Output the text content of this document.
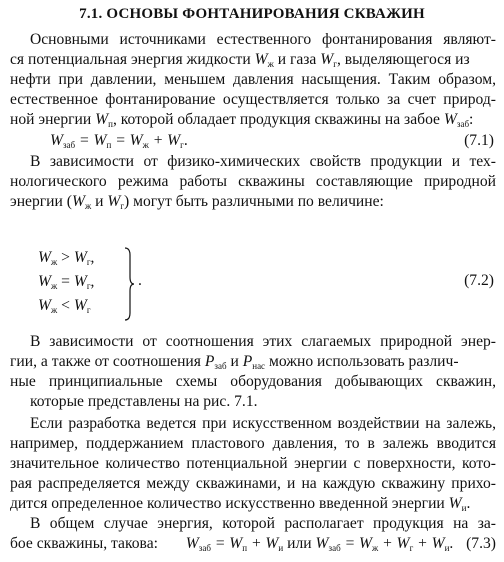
7.1. ОСНОВЫ ФОНТАНИРОВАНИЯ СКВАЖИН
Основными источниками естественного фонтанирования являют-
ся потенциальная энергия жидкости $W_ж$ и газа $W_г$, выделяющегося из
нефти при давлении, меньшем давления насыщения. Таким образом,
естественное фонтанирование осуществляется только за счет природ-
ной энергии $W_п$, которой обладает продукция скважины на забое $W_{заб}$:
$W_{заб} = W_п = W_ж + W_г$.	(7.1)
В зависимости от физико-химических свойств продукции и тех-
нологического режима работы скважины составляющие природной
энергии ($W_ж$ и $W_г$) могут быть различными по величине:
$W_ж > W_г$,
$W_ж = W_г$,
$W_ж < W_г$
.	(7.2)
В зависимости от соотношения этих слагаемых природной энер-
гии, а также от соотношения $P_{заб}$ и $P_{нас}$ можно использовать различ-
ные принципиальные схемы оборудования добывающих скважин,
которые представлены на рис. 7.1.
Если разработка ведется при искусственном воздействии на залежь,
например, поддержанием пластового давления, то в залежь вводится
значительное количество потенциальной энергии с поверхности, кото-
рая распределяется между скважинами, и на каждую скважину прихо-
дится определенное количество искусственно введенной энергии $W_и$.
В общем случае энергия, которой располагает продукция на за-
бое скважины, такова: $W_{заб} = W_п + W_и$ или $W_{заб} = W_ж + W_г + W_и$. (7.3)
